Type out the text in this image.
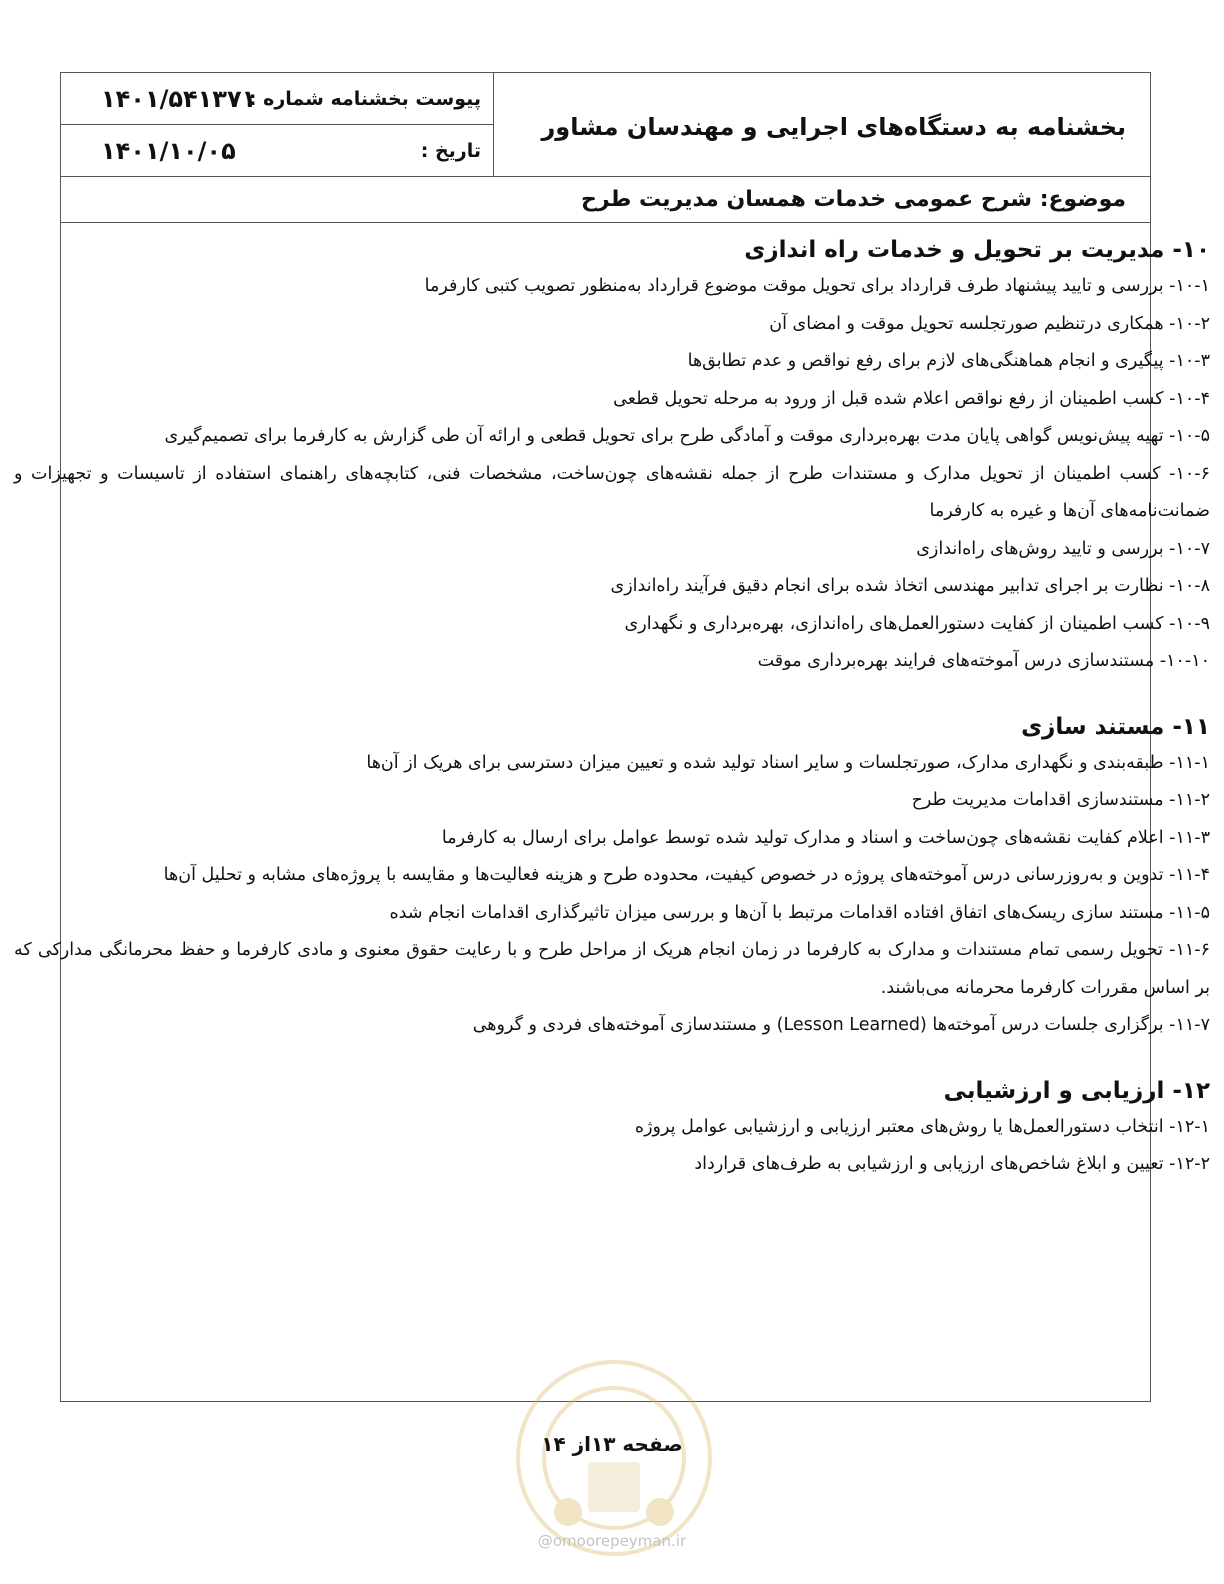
بخشنامه به دستگاه‌های اجرایی و مهندسان مشاور
پیوست بخشنامه شماره :
۱۴۰۱/۵۴۱۳۷۱
تاریخ :
۱۴۰۱/۱۰/۰۵
موضوع: شرح عمومی خدمات همسان مدیریت طرح

۱۰- مدیریت بر تحویل و خدمات راه اندازی

۱۰-۱- بررسی و تایید پیشنهاد طرف قرارداد برای تحویل موقت موضوع قرارداد به‌منظور تصویب کتبی کارفرما

۱۰-۲- همکاری درتنظیم صورتجلسه تحویل موقت و امضای آن

۱۰-۳- پیگیری و انجام هماهنگی‌های لازم برای رفع نواقص و عدم تطابق‌ها

۱۰-۴- کسب اطمینان از رفع نواقص اعلام شده قبل از ورود به مرحله تحویل قطعی

۱۰-۵- تهیه پیش‌نویس گواهی پایان مدت بهره‌برداری موقت و آمادگی طرح برای تحویل قطعی و ارائه آن طی گزارش به کارفرما برای تصمیم‌گیری

۱۰-۶- کسب اطمینان از تحویل مدارک و مستندات طرح از جمله نقشه‌های چون‌ساخت، مشخصات فنی، کتابچه‌های راهنمای استفاده از تاسیسات و تجهیزات و ضمانت‌نامه‌های آن‌ها و غیره به کارفرما

۱۰-۷- بررسی و تایید روش‌های راه‌اندازی

۱۰-۸- نظارت بر اجرای تدابیر مهندسی اتخاذ شده برای انجام دقیق فرآیند راه‌اندازی

۱۰-۹- کسب اطمینان از کفایت دستورالعمل‌های راه‌اندازی، بهره‌برداری و نگهداری

۱۰-۱۰- مستندسازی درس آموخته‌های فرایند بهره‌برداری موقت

۱۱- مستند سازی

۱۱-۱- طبقه‌بندی و نگهداری مدارک، صورتجلسات و سایر اسناد تولید شده و تعیین میزان دسترسی برای هریک از آن‌ها

۱۱-۲- مستندسازی اقدامات مدیریت طرح

۱۱-۳- اعلام کفایت نقشه‌های چون‌ساخت و اسناد و مدارک تولید شده توسط عوامل برای ارسال به کارفرما

۱۱-۴- تدوین و به‌روزرسانی درس آموخته‌های پروژه در خصوص کیفیت، محدوده طرح و هزینه فعالیت‌ها و مقایسه با پروژه‌های مشابه و تحلیل آن‌ها

۱۱-۵- مستند سازی ریسک‌های اتفاق افتاده اقدامات مرتبط با آن‌ها و بررسی میزان تاثیرگذاری اقدامات انجام شده

۱۱-۶- تحویل رسمی تمام مستندات و مدارک به کارفرما در زمان انجام هریک از مراحل طرح و با رعایت حقوق معنوی و مادی کارفرما و حفظ محرمانگی مدارکی که بر اساس مقررات کارفرما محرمانه می‌باشند.

۱۱-۷- برگزاری جلسات درس آموخته‌ها (Lesson Learned) و مستندسازی آموخته‌های فردی و گروهی

۱۲- ارزیابی و ارزشیابی

۱۲-۱- انتخاب دستورالعمل‌ها یا روش‌های معتبر ارزیابی و ارزشیابی عوامل پروژه

۱۲-۲- تعیین و ابلاغ شاخص‌های ارزیابی و ارزشیابی به طرف‌های قرارداد

صفحه ۱۳از ۱۴
@omoorepeyman.ir
